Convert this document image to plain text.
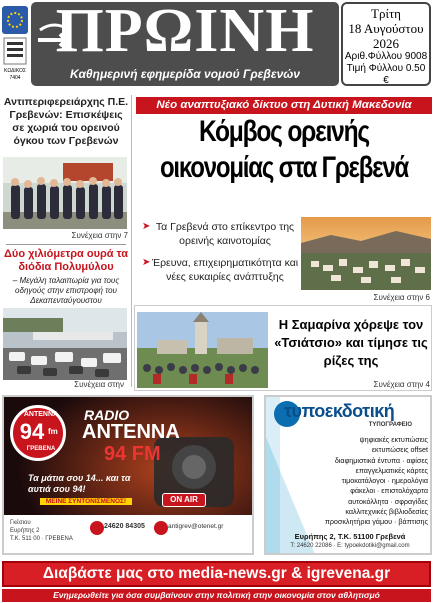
ΚΩΔΙΚΟΣ
7404
ΠΡΩΙΝΗ
Καθημερινή εφημερίδα νομού Γρεβενών
Τρίτη
18 Αυγούστου
2026
Αριθ.Φύλλου 9008
Τιμή Φύλλου 0.50 €
Αντιπεριφερειάρχης Π.Ε. Γρεβενών: Επισκέψεις σε χωριά του ορεινού όγκου των Γρεβενών
Συνέχεια στην 7
Δύο χιλιόμετρα ουρά τα διόδια Πολυμύλου
– Μεγάλη ταλαιπωρία για τους οδηγούς στην επιστροφή του Δεκαπενταύγουστου
Συνέχεια στην
Νέο αναπτυξιακό δίκτυο στη Δυτική Μακεδονία
Κόμβος ορεινής
οικονομίας στα Γρεβενά
➤ Τα Γρεβενά στο επίκεντρο της ορεινής καινοτομίας
➤ Έρευνα, επιχειρηματικότητα και νέες ευκαιρίες ανάπτυξης
Συνέχεια στην 6
Η Σαμαρίνα χόρεψε τον «Τσιάτσιο» και τίμησε τις ρίζες της
Συνέχεια στην 4
ANTENNA
94 fm
ΓΡΕΒΕΝΑ
RADIO
ANTENNA
94 FM
Τα μάτια σου 14... και τα αυτιά σου 94!
ΜΕΙΝΕ ΣΥΝΤΟΝΙΣΜΕΝΟΣ!	ON AIR
Γκέσιου
Ευρήπης 2
Τ.Κ. 511 00 · ΓΡΕΒΕΝΑ
24620 84305	antigrev@otenet.gr
τυποεκδοτική
ΤΥΠΟΓΡΑΦΕΙΟ
ψηφιακές εκτυπώσεις
εκτυπώσεις offset
διαφημιστικά έντυπα · αφίσες
επαγγελματικές κάρτες
τιμοκατάλογοι · ημερολόγια
φάκελοι · επιστολόχαρτα
αυτοκόλλητα · σφραγίδες
καλλιτεχνικές βιβλιοδεσίες
προσκλητήρια γάμου · βάπτισης
Ευρήπης 2, Τ.Κ. 51100 Γρεβενά
Τ: 24620 22086 · Ε: typoekdotiki@gmail.com
Διαβάστε μας στο media-news.gr & igrevena.gr
Ενημερωθείτε για όσα συμβαίνουν στην πολιτική στην οικονομία στον αθλητισμό
